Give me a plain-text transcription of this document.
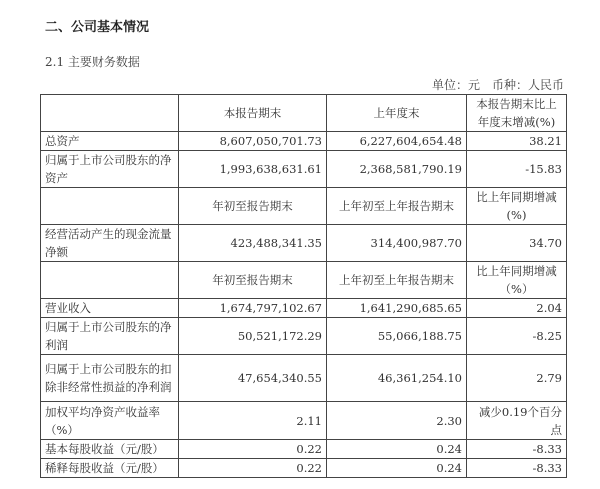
二、公司基本情况
2.1 主要财务数据
单位：元　币种：人民币
	本报告期末	上年度末	本报告期末比上年度末增减(%)
总资产	8,607,050,701.73	6,227,604,654.48	38.21
归属于上市公司股东的净资产	1,993,638,631.61	2,368,581,790.19	-15.83
	年初至报告期末	上年初至上年报告期末	比上年同期增减(%)
经营活动产生的现金流量净额	423,488,341.35	314,400,987.70	34.70
	年初至报告期末	上年初至上年报告期末	比上年同期增减（%）
营业收入	1,674,797,102.67	1,641,290,685.65	2.04
归属于上市公司股东的净利润	50,521,172.29	55,066,188.75	-8.25
归属于上市公司股东的扣除非经常性损益的净利润	47,654,340.55	46,361,254.10	2.79
加权平均净资产收益率（%）	2.11	2.30	减少0.19个百分点
基本每股收益（元/股）	0.22	0.24	-8.33
稀释每股收益（元/股）	0.22	0.24	-8.33
